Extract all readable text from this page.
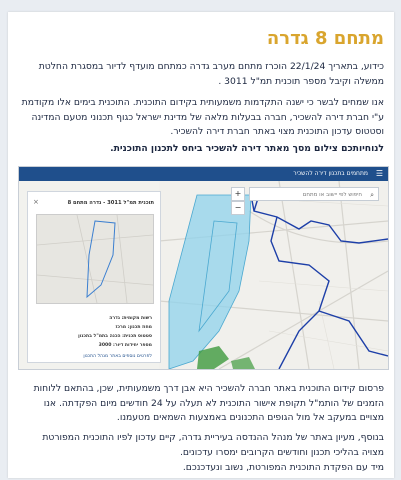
מתחם 8 גדרה

כידוע, בתאריך 22/1/24 הוכרז מתחם מערב גדרה כמתחם מועדף לדיור במסגרת החלטת ממשלה וקיבל מספר תוכנית תמ"ל 3011 .

אנו שמחים לבשר כי ישנה התקדמות משמעותית בקידום התוכנית. התוכנית בימים אלו מקודמת ע"י חברת דירה להשכיר, חברה בבעלות מלאה של מדינת ישראל כגוף תכנוני מטעם המדינה וסטטוס עדכון התוכנית מצוי באתר חברת דירה להשכיר.

לנוחיותכם צילום מסך מאתר דירה להשכיר ביחס לתכנון התוכנית.

מתחמים בתכנון דירה להשכיר ☰
⌕
חיפוש לפי יישוב או מתחם
+
−
×	תוכנית תמ"ל 3011 - גדרה מתחם 8
רשות מקומית: גדרה
מחוז תכנון: מרכז
סטטוס תכנית: הכנה בתמ"ל בתכנון
מספר יחידות דיור: 3000
לפרטים נוספים באתר מנהל התכנון

פרסום קידום התוכנית באתר חברה להשכיר היא אבן דרך משמעותית, שכן, בהתאם ללוחות הזמנים של הותמ"ל תקופת אישור התוכנית לא תעלה על 24 חודשים מיום הפקדתה. אנו מצויים במעקב אל מול הגופים התכנונים באמצעות השמאים מטעמנו.

בנוסף, מעיון באתר של מנהל ההנדסה בעיריית גדרה, קיים עדכון לפיו התוכנית המפורטת מצויה בהליכי תכנון וחודשים הקרובים ימסרו עדכונים.

מיד עם הפקדת התוכנית המפורטת, נשוב ונעדכנכם.
